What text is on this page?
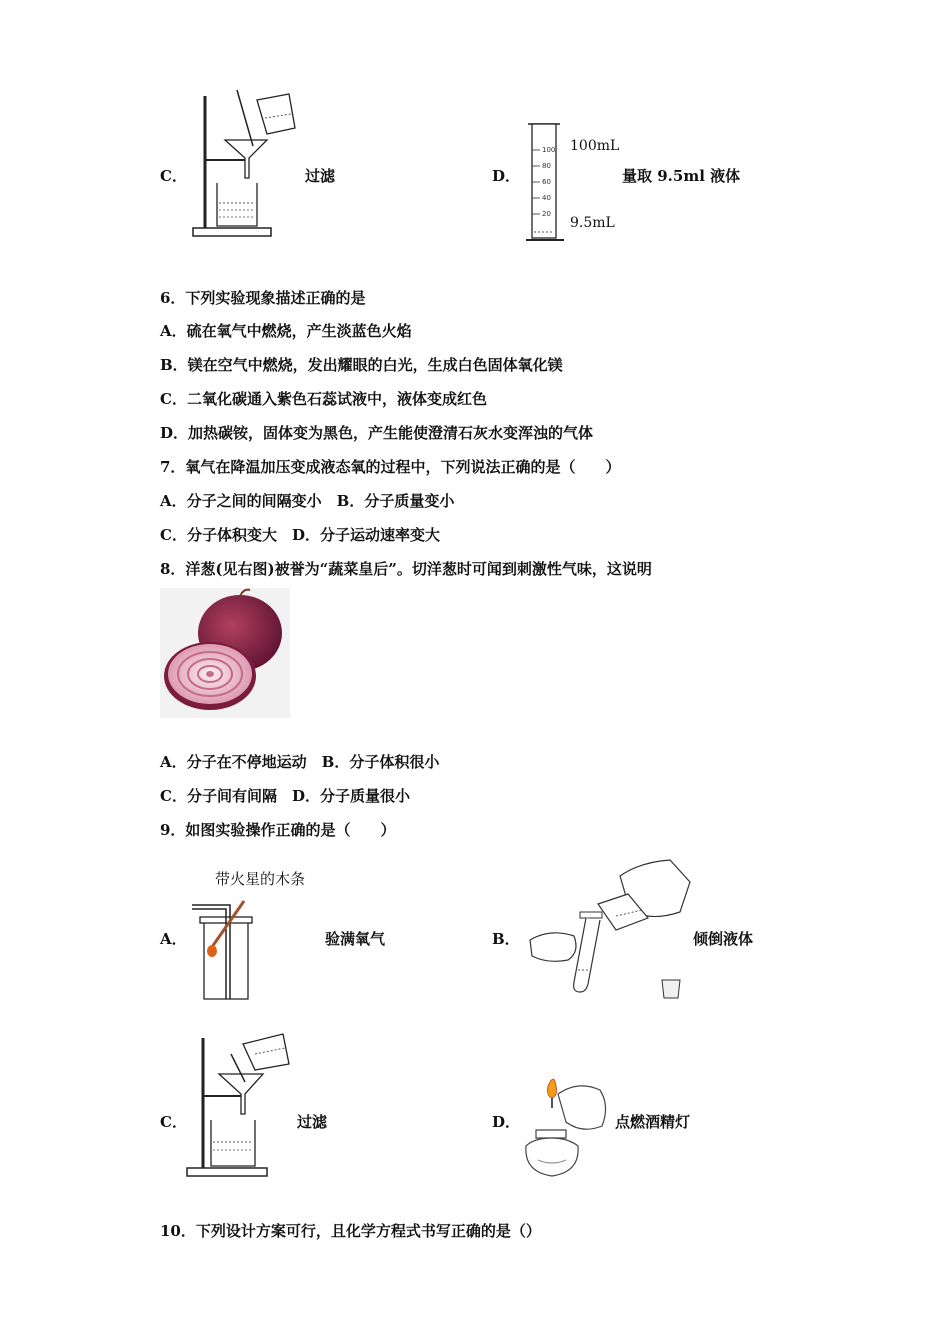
C．	过滤	D．
100
80
60
40
20
100mL
9.5mL
量取 9.5ml 液体
6．下列实验现象描述正确的是
A．硫在氧气中燃烧，产生淡蓝色火焰
B．镁在空气中燃烧，发出耀眼的白光，生成白色固体氧化镁
C．二氧化碳通入紫色石蕊试液中，液体变成红色
D．加热碳铵，固体变为黑色，产生能使澄清石灰水变浑浊的气体
7．氧气在降温加压变成液态氧的过程中，下列说法正确的是（　　）
A．分子之间的间隔变小　B．分子质量变小
C．分子体积变大　D．分子运动速率变大
8．洋葱(见右图)被誉为“蔬菜皇后”。切洋葱时可闻到刺激性气味，这说明
A．分子在不停地运动　B．分子体积很小
C．分子间有间隔　D．分子质量很小
9．如图实验操作正确的是（　　）
带火星的木条
A．	验满氧气	B．	倾倒液体
C．	过滤	D．	点燃酒精灯
10．下列设计方案可行，且化学方程式书写正确的是（）
